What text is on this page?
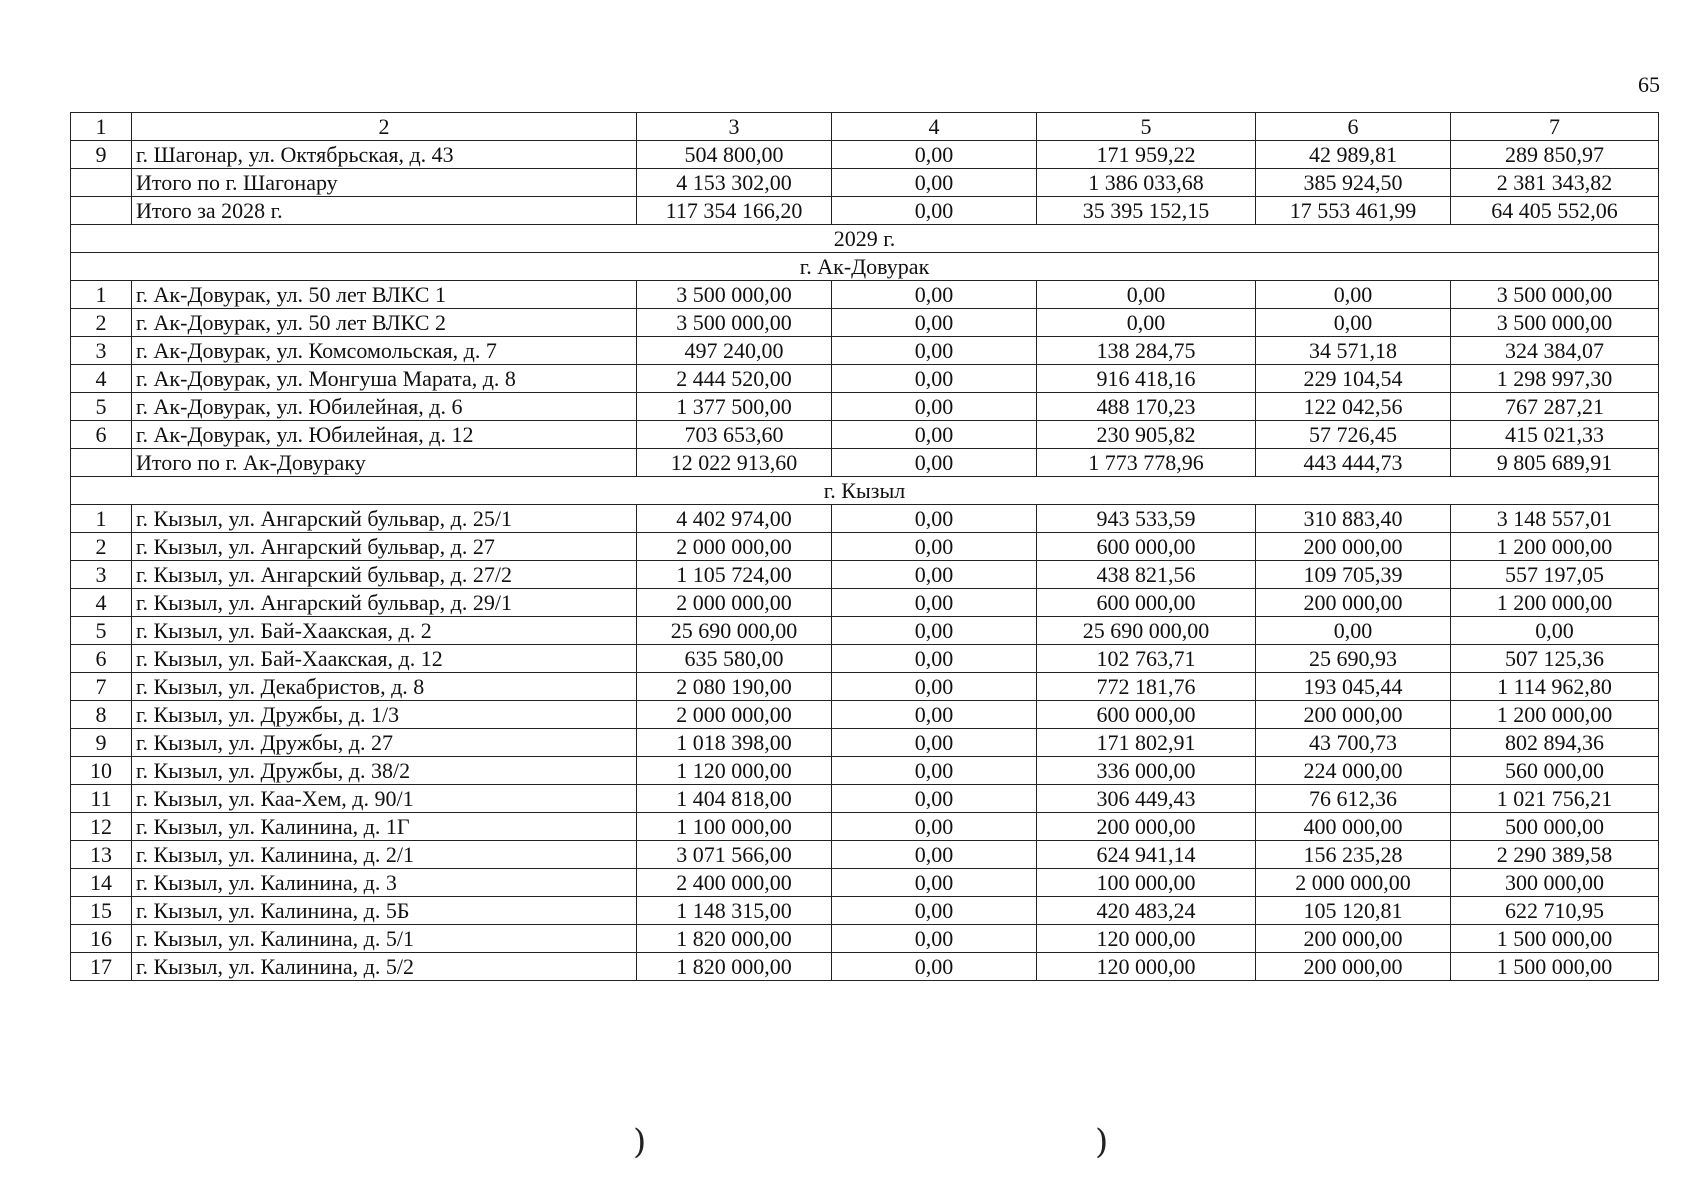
65
1	2	3	4	5	6	7
9	г. Шагонар, ул. Октябрьская, д. 43	504 800,00	0,00	171 959,22	42 989,81	289 850,97
	Итого по г. Шагонару	4 153 302,00	0,00	1 386 033,68	385 924,50	2 381 343,82
	Итого за 2028 г.	117 354 166,20	0,00	35 395 152,15	17 553 461,99	64 405 552,06
2029 г.						
г. Ак-Довурак						
1	г. Ак-Довурак, ул. 50 лет ВЛКС 1	3 500 000,00	0,00	0,00	0,00	3 500 000,00
2	г. Ак-Довурак, ул. 50 лет ВЛКС 2	3 500 000,00	0,00	0,00	0,00	3 500 000,00
3	г. Ак-Довурак, ул. Комсомольская, д. 7	497 240,00	0,00	138 284,75	34 571,18	324 384,07
4	г. Ак-Довурак, ул. Монгуша Марата, д. 8	2 444 520,00	0,00	916 418,16	229 104,54	1 298 997,30
5	г. Ак-Довурак, ул. Юбилейная, д. 6	1 377 500,00	0,00	488 170,23	122 042,56	767 287,21
6	г. Ак-Довурак, ул. Юбилейная, д. 12	703 653,60	0,00	230 905,82	57 726,45	415 021,33
	Итого по г. Ак-Довураку	12 022 913,60	0,00	1 773 778,96	443 444,73	9 805 689,91
г. Кызыл						
1	г. Кызыл, ул. Ангарский бульвар, д. 25/1	4 402 974,00	0,00	943 533,59	310 883,40	3 148 557,01
2	г. Кызыл, ул. Ангарский бульвар, д. 27	2 000 000,00	0,00	600 000,00	200 000,00	1 200 000,00
3	г. Кызыл, ул. Ангарский бульвар, д. 27/2	1 105 724,00	0,00	438 821,56	109 705,39	557 197,05
4	г. Кызыл, ул. Ангарский бульвар, д. 29/1	2 000 000,00	0,00	600 000,00	200 000,00	1 200 000,00
5	г. Кызыл, ул. Бай-Хаакская, д. 2	25 690 000,00	0,00	25 690 000,00	0,00	0,00
6	г. Кызыл, ул. Бай-Хаакская, д. 12	635 580,00	0,00	102 763,71	25 690,93	507 125,36
7	г. Кызыл, ул. Декабристов, д. 8	2 080 190,00	0,00	772 181,76	193 045,44	1 114 962,80
8	г. Кызыл, ул. Дружбы, д. 1/3	2 000 000,00	0,00	600 000,00	200 000,00	1 200 000,00
9	г. Кызыл, ул. Дружбы, д. 27	1 018 398,00	0,00	171 802,91	43 700,73	802 894,36
10	г. Кызыл, ул. Дружбы, д. 38/2	1 120 000,00	0,00	336 000,00	224 000,00	560 000,00
11	г. Кызыл, ул. Каа-Хем, д. 90/1	1 404 818,00	0,00	306 449,43	76 612,36	1 021 756,21
12	г. Кызыл, ул. Калинина, д. 1Г	1 100 000,00	0,00	200 000,00	400 000,00	500 000,00
13	г. Кызыл, ул. Калинина, д. 2/1	3 071 566,00	0,00	624 941,14	156 235,28	2 290 389,58
14	г. Кызыл, ул. Калинина, д. 3	2 400 000,00	0,00	100 000,00	2 000 000,00	300 000,00
15	г. Кызыл, ул. Калинина, д. 5Б	1 148 315,00	0,00	420 483,24	105 120,81	622 710,95
16	г. Кызыл, ул. Калинина, д. 5/1	1 820 000,00	0,00	120 000,00	200 000,00	1 500 000,00
17	г. Кызыл, ул. Калинина, д. 5/2	1 820 000,00	0,00	120 000,00	200 000,00	1 500 000,00
)	)
